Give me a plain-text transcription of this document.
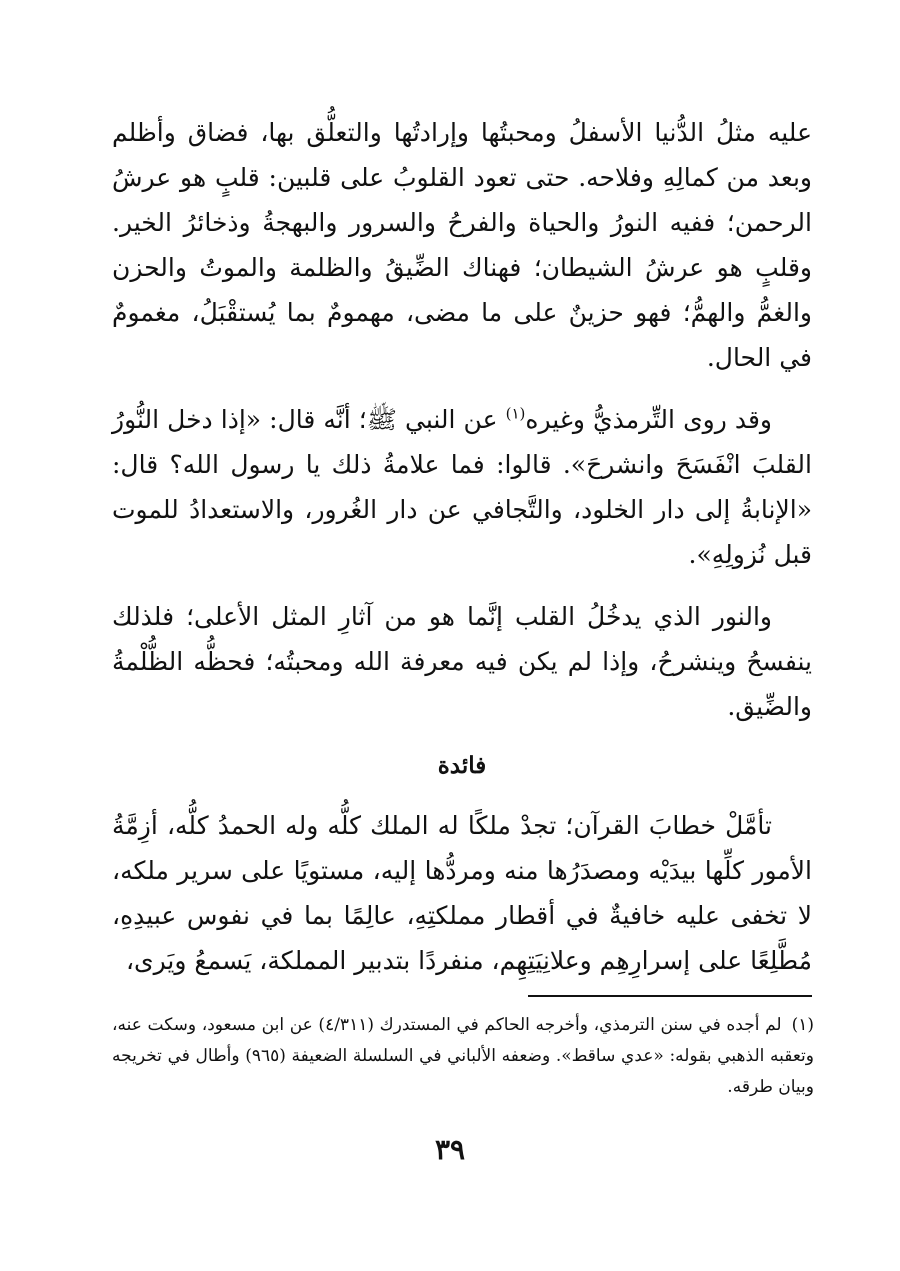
عليه مثلُ الدُّنيا الأسفلُ ومحبتُها وإرادتُها والتعلُّق بها، فضاق وأظلم وبعد من كمالِهِ وفلاحه. حتى تعود القلوبُ على قلبين: قلبٍ هو عرشُ الرحمن؛ ففيه النورُ والحياة والفرحُ والسرور والبهجةُ وذخائرُ الخير. وقلبٍ هو عرشُ الشيطان؛ فهناك الضِّيقُ والظلمة والموتُ والحزن والغمُّ والهمُّ؛ فهو حزينٌ على ما مضى، مهمومٌ بما يُستقْبَلُ، مغمومٌ في الحال.

وقد روى التِّرمذيُّ وغيره$^{(١)}$ عن النبي ﷺ؛ أنَّه قال: «إذا دخل النُّورُ القلبَ انْفَسَحَ وانشرحَ». قالوا: فما علامةُ ذلك يا رسول الله؟ قال: «الإنابةُ إلى دار الخلود، والتَّجافي عن دار الغُرور، والاستعدادُ للموت قبل نُزولِهِ».

والنور الذي يدخُلُ القلب إنَّما هو من آثارِ المثل الأعلى؛ فلذلك ينفسحُ وينشرحُ، وإذا لم يكن فيه معرفة الله ومحبتُه؛ فحظُّه الظُّلْمةُ والضِّيق.

فائدة

تأمَّلْ خطابَ القرآن؛ تجدْ ملكًا له الملك كلُّه وله الحمدُ كلُّه، أزِمَّةُ الأمور كلِّها بيدَيْه ومصدَرُها منه ومردُّها إليه، مستويًا على سرير ملكه، لا تخفى عليه خافيةٌ في أقطار مملكتِهِ، عالِمًا بما في نفوس عبيدِهِ، مُطَّلِعًا على إسرارِهِم وعلانِيَتِهِم، منفردًا بتدبير المملكة، يَسمعُ ويَرى،

(١)لم أجده في سنن الترمذي، وأخرجه الحاكم في المستدرك (٤/٣١١) عن ابن مسعود، وسكت عنه، وتعقبه الذهبي بقوله: «عدي ساقط». وضعفه الألباني في السلسلة الضعيفة (٩٦٥) وأطال في تخريجه وبيان طرقه.
٣٩
